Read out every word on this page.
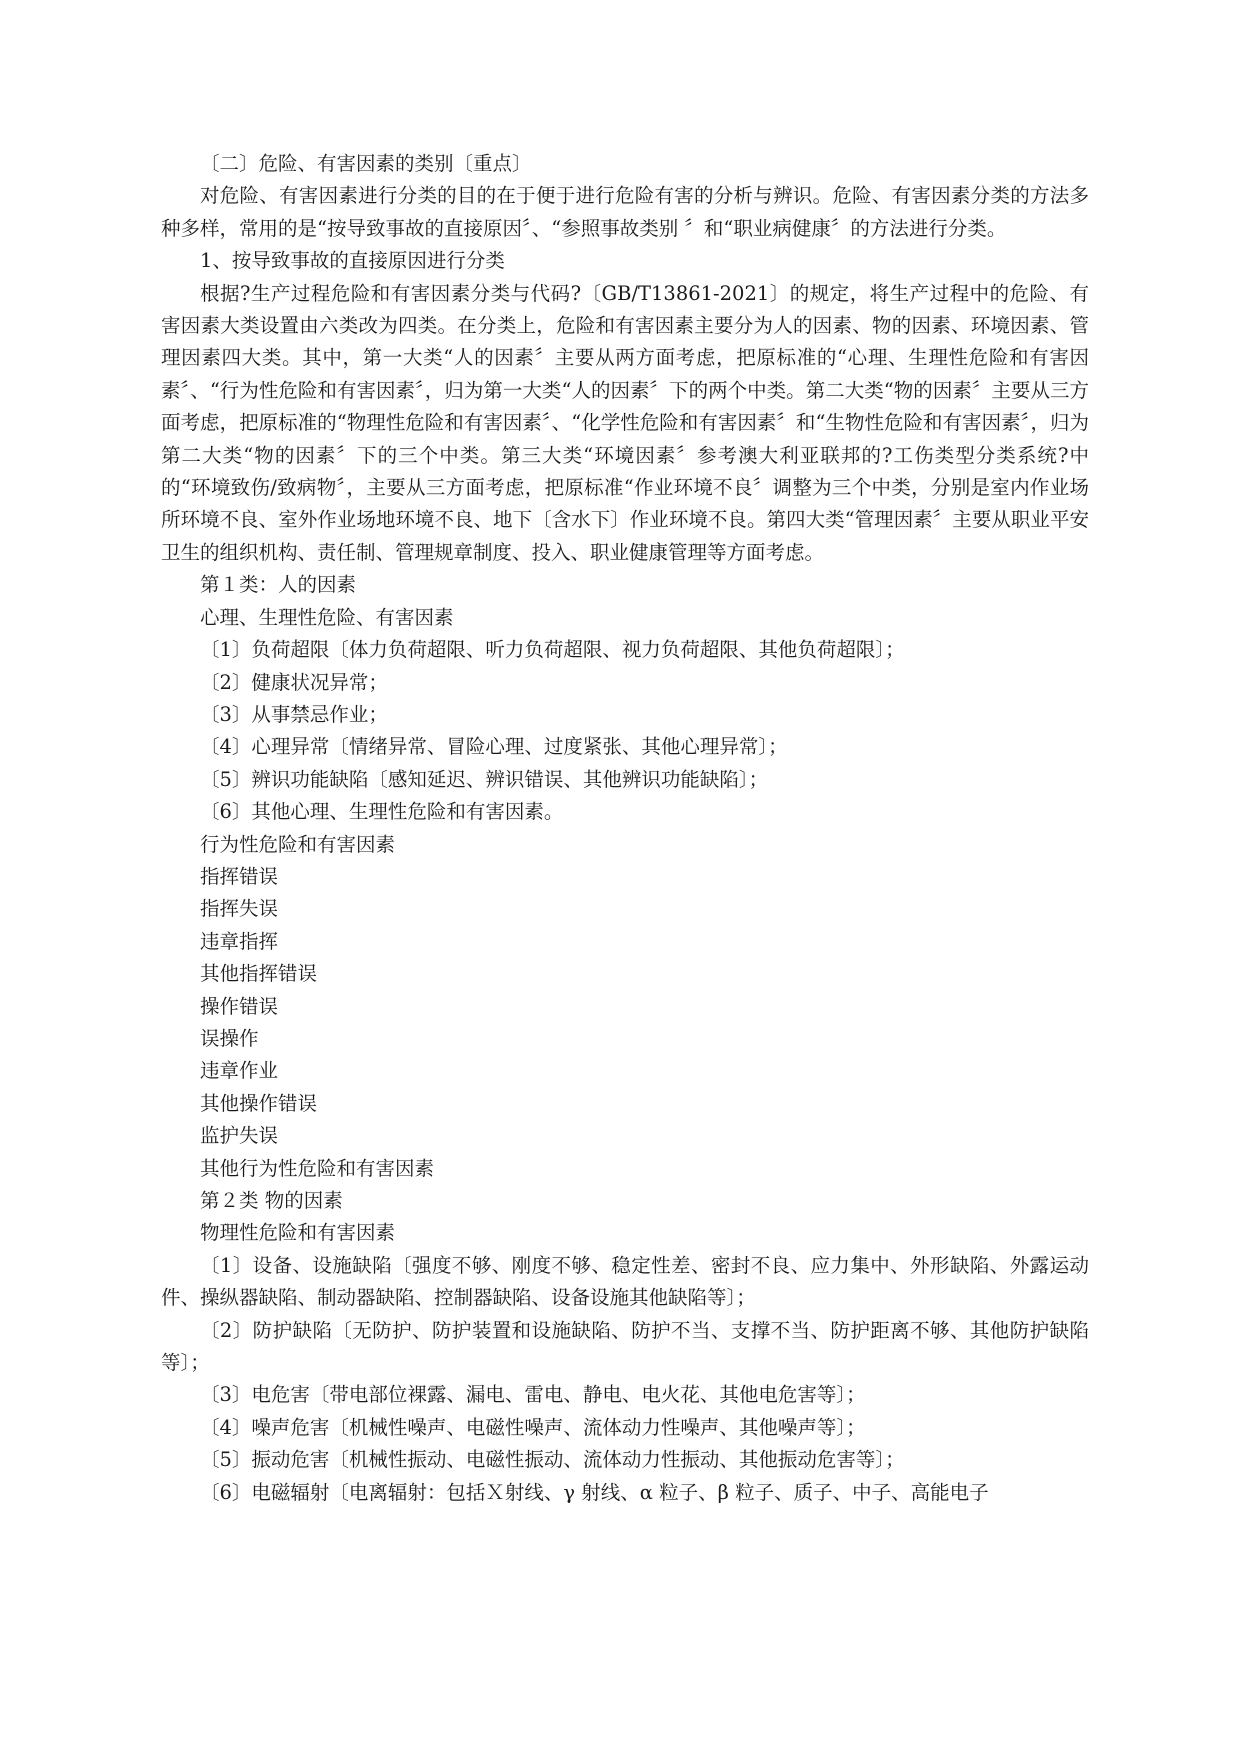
〔二〕危险、有害因素的类别〔重点〕

对危险、有害因素进行分类的目的在于便于进行危险有害的分析与辨识。危险、有害因素分类的方法多种多样，常用的是“按导致事故的直接原因〞、“参照事故类别 〞和“职业病健康〞的方法进行分类。

1、按导致事故的直接原因进行分类

根据?生产过程危险和有害因素分类与代码?〔GB/T13861-2021〕的规定，将生产过程中的危险、有害因素大类设置由六类改为四类。在分类上，危险和有害因素主要分为人的因素、物的因素、环境因素、管理因素四大类。其中，第一大类“人的因素〞主要从两方面考虑，把原标准的“心理、生理性危险和有害因素〞、“行为性危险和有害因素〞，归为第一大类“人的因素〞下的两个中类。第二大类“物的因素〞主要从三方面考虑，把原标准的“物理性危险和有害因素〞、“化学性危险和有害因素〞和“生物性危险和有害因素〞，归为第二大类“物的因素〞下的三个中类。第三大类“环境因素〞参考澳大利亚联邦的?工伤类型分类系统?中的“环境致伤/致病物〞，主要从三方面考虑，把原标准“作业环境不良〞调整为三个中类，分别是室内作业场所环境不良、室外作业场地环境不良、地下〔含水下〕作业环境不良。第四大类“管理因素〞主要从职业平安卫生的组织机构、责任制、管理规章制度、投入、职业健康管理等方面考虑。

第１类：人的因素

心理、生理性危险、有害因素

〔1〕负荷超限〔体力负荷超限、听力负荷超限、视力负荷超限、其他负荷超限〕；

〔2〕健康状况异常；

〔3〕从事禁忌作业；

〔4〕心理异常〔情绪异常、冒险心理、过度紧张、其他心理异常〕；

〔5〕辨识功能缺陷〔感知延迟、辨识错误、其他辨识功能缺陷〕；

〔6〕其他心理、生理性危险和有害因素。

行为性危险和有害因素

指挥错误

指挥失误

违章指挥

其他指挥错误

操作错误

误操作

违章作业

其他操作错误

监护失误

其他行为性危险和有害因素

第２类 物的因素

物理性危险和有害因素

〔1〕设备、设施缺陷〔强度不够、刚度不够、稳定性差、密封不良、应力集中、外形缺陷、外露运动件、操纵器缺陷、制动器缺陷、控制器缺陷、设备设施其他缺陷等〕；

〔2〕防护缺陷〔无防护、防护装置和设施缺陷、防护不当、支撑不当、防护距离不够、其他防护缺陷等〕；

〔3〕电危害〔带电部位裸露、漏电、雷电、静电、电火花、其他电危害等〕；

〔4〕噪声危害〔机械性噪声、电磁性噪声、流体动力性噪声、其他噪声等〕；

〔5〕振动危害〔机械性振动、电磁性振动、流体动力性振动、其他振动危害等〕；

〔6〕电磁辐射〔电离辐射：包括Ｘ射线、γ 射线、α 粒子、β 粒子、质子、中子、高能电子
